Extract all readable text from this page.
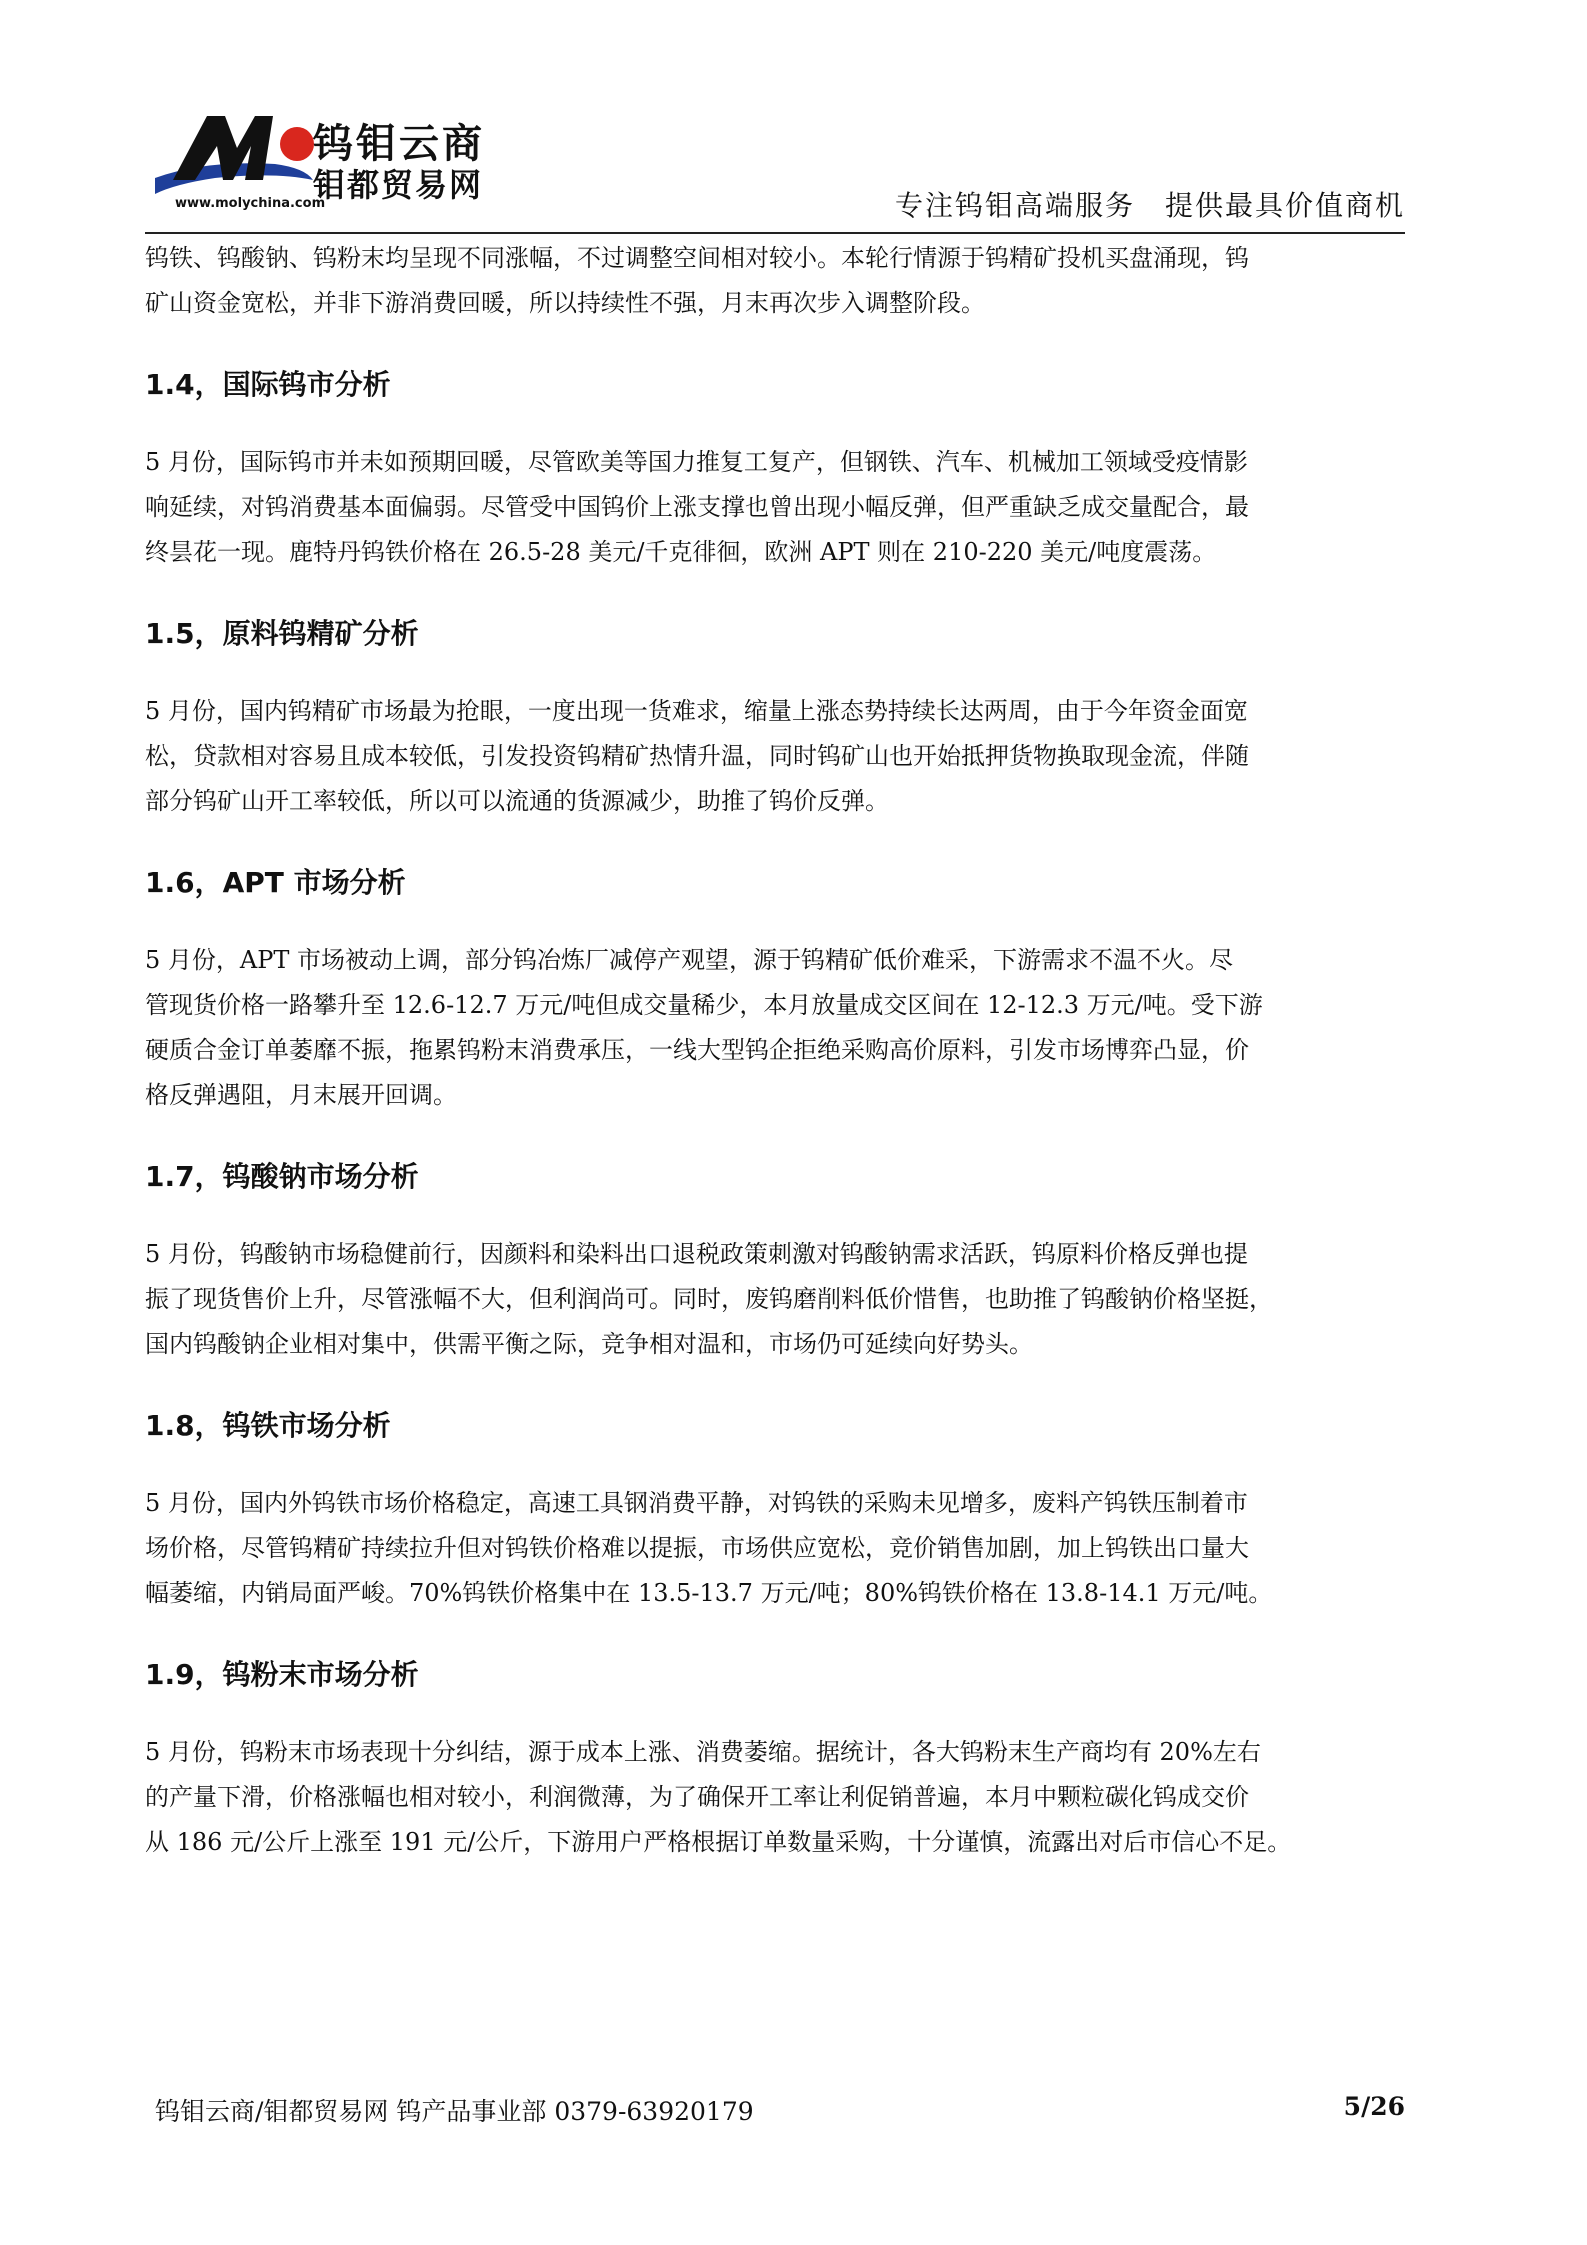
钨钼云商
钼都贸易网
www.molychina.com	专注钨钼高端服务　提供最具价值商机

钨铁、钨酸钠、钨粉末均呈现不同涨幅，不过调整空间相对较小。本轮行情源于钨精矿投机买盘涌现，钨
矿山资金宽松，并非下游消费回暖，所以持续性不强，月末再次步入调整阶段。

1.4，国际钨市分析

5 月份，国际钨市并未如预期回暖，尽管欧美等国力推复工复产，但钢铁、汽车、机械加工领域受疫情影
响延续，对钨消费基本面偏弱。尽管受中国钨价上涨支撑也曾出现小幅反弹，但严重缺乏成交量配合，最
终昙花一现。鹿特丹钨铁价格在 26.5-28 美元/千克徘徊，欧洲 APT 则在 210-220 美元/吨度震荡。

1.5，原料钨精矿分析

5 月份，国内钨精矿市场最为抢眼，一度出现一货难求，缩量上涨态势持续长达两周，由于今年资金面宽
松，贷款相对容易且成本较低，引发投资钨精矿热情升温，同时钨矿山也开始抵押货物换取现金流，伴随
部分钨矿山开工率较低，所以可以流通的货源减少，助推了钨价反弹。

1.6，APT 市场分析

5 月份，APT 市场被动上调，部分钨冶炼厂减停产观望，源于钨精矿低价难采，下游需求不温不火。尽
管现货价格一路攀升至 12.6-12.7 万元/吨但成交量稀少，本月放量成交区间在 12-12.3 万元/吨。受下游
硬质合金订单萎靡不振，拖累钨粉末消费承压，一线大型钨企拒绝采购高价原料，引发市场博弈凸显，价
格反弹遇阻，月末展开回调。

1.7，钨酸钠市场分析

5 月份，钨酸钠市场稳健前行，因颜料和染料出口退税政策刺激对钨酸钠需求活跃，钨原料价格反弹也提
振了现货售价上升，尽管涨幅不大，但利润尚可。同时，废钨磨削料低价惜售，也助推了钨酸钠价格坚挺，
国内钨酸钠企业相对集中，供需平衡之际，竞争相对温和，市场仍可延续向好势头。

1.8，钨铁市场分析

5 月份，国内外钨铁市场价格稳定，高速工具钢消费平静，对钨铁的采购未见增多，废料产钨铁压制着市
场价格，尽管钨精矿持续拉升但对钨铁价格难以提振，市场供应宽松，竞价销售加剧，加上钨铁出口量大
幅萎缩，内销局面严峻。70%钨铁价格集中在 13.5-13.7 万元/吨；80%钨铁价格在 13.8-14.1 万元/吨。

1.9，钨粉末市场分析

5 月份，钨粉末市场表现十分纠结，源于成本上涨、消费萎缩。据统计，各大钨粉末生产商均有 20%左右
的产量下滑，价格涨幅也相对较小，利润微薄，为了确保开工率让利促销普遍，本月中颗粒碳化钨成交价
从 186 元/公斤上涨至 191 元/公斤，下游用户严格根据订单数量采购，十分谨慎，流露出对后市信心不足。

钨钼云商/钼都贸易网 钨产品事业部 0379-63920179	5/26
